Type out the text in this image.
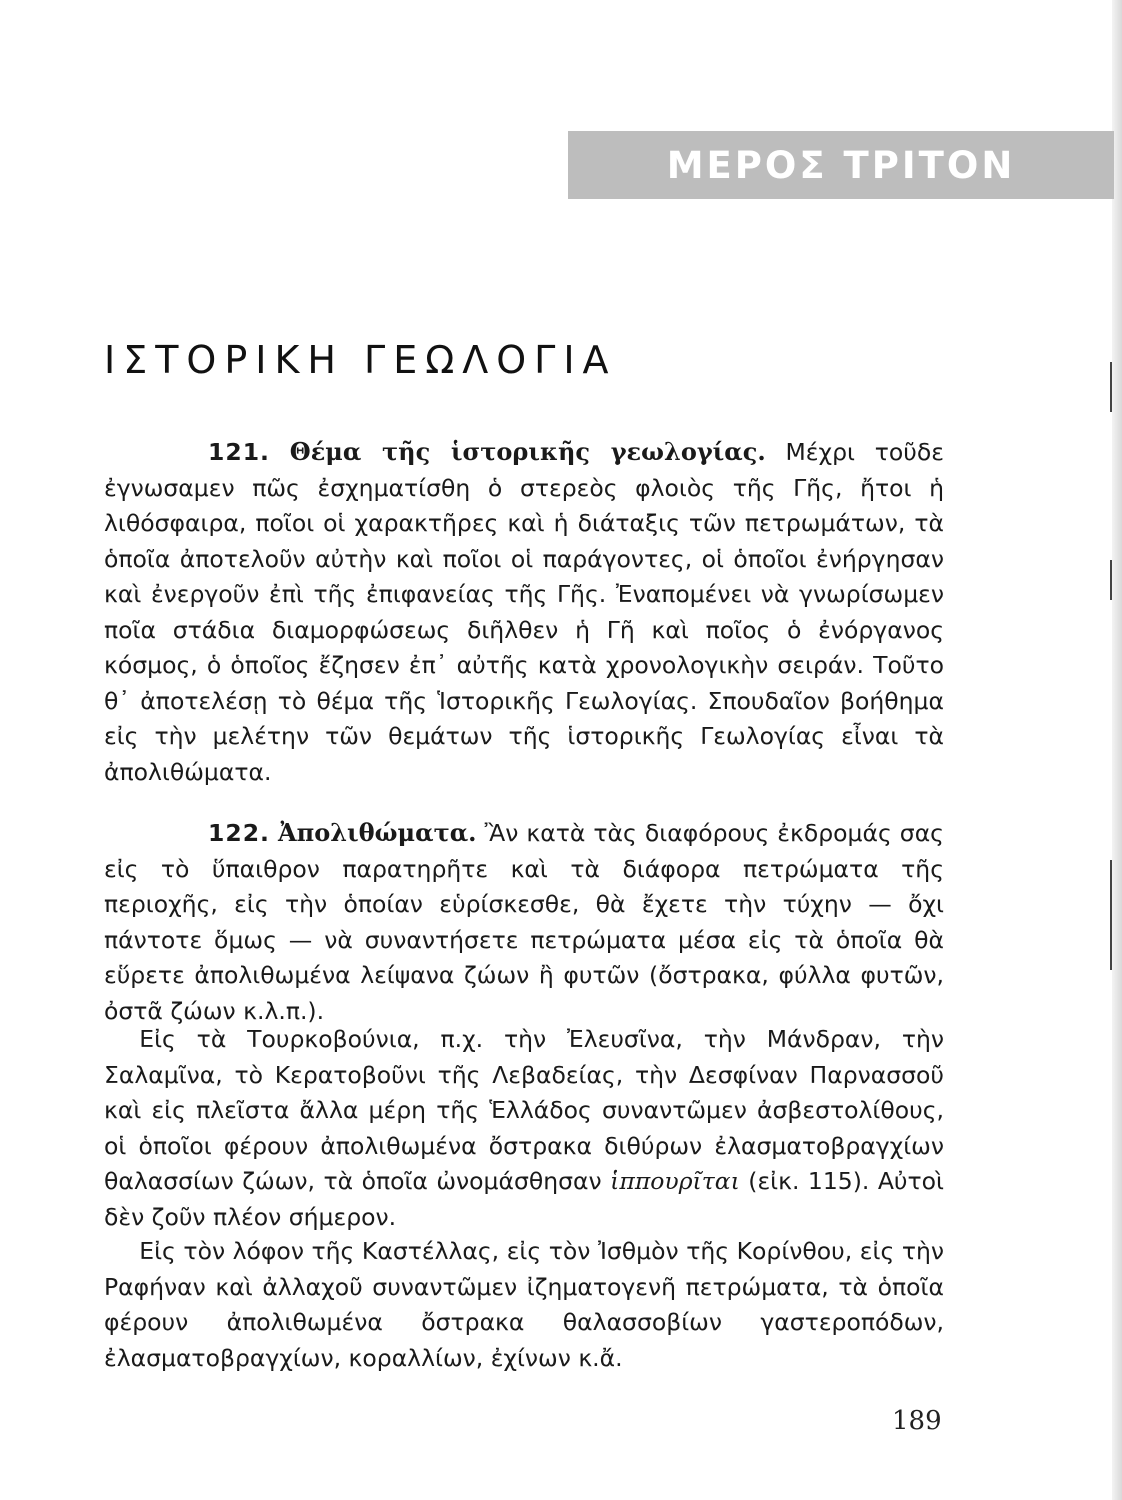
ΜΕΡΟΣ ΤΡΙΤΟΝ
ΙΣΤΟΡΙΚΗ ΓΕΩΛΟΓΙΑ
121. Θέμα τῆς ἱστορικῆς γεωλογίας. Μέχρι τοῦδε ἐγνωσαμεν πῶς ἐσχηματίσθη ὁ στερεὸς φλοιὸς τῆς Γῆς, ἤτοι ἡ λιθόσφαιρα, ποῖοι οἱ χαρακτῆρες καὶ ἡ διάταξις τῶν πετρωμάτων, τὰ ὁποῖα ἀποτελοῦν αὐτὴν καὶ ποῖοι οἱ παράγοντες, οἱ ὁποῖοι ἐνήργησαν καὶ ἐνεργοῦν ἐπὶ τῆς ἐπιφανείας τῆς Γῆς. Ἐναπομένει νὰ γνωρίσωμεν ποῖα στάδια διαμορφώσεως διῆλθεν ἡ Γῆ καὶ ποῖος ὁ ἐνόργανος κόσμος, ὁ ὁποῖος ἔζησεν ἐπ᾽ αὐτῆς κατὰ χρονολογικὴν σειράν. Τοῦτο θ᾽ ἀποτελέσῃ τὸ θέμα τῆς Ἱστορικῆς Γεωλογίας. Σπουδαῖον βοήθημα εἰς τὴν μελέτην τῶν θεμάτων τῆς ἱστορικῆς Γεωλογίας εἶναι τὰ ἀπολιθώματα.
122. Ἀπολιθώματα. Ἂν κατὰ τὰς διαφόρους ἐκδρομάς σας εἰς τὸ ὕπαιθρον παρατηρῆτε καὶ τὰ διάφορα πετρώματα τῆς περιοχῆς, εἰς τὴν ὁποίαν εὑρίσκεσθε, θὰ ἔχετε τὴν τύχην — ὄχι πάντοτε ὅμως — νὰ συναντήσετε πετρώματα μέσα εἰς τὰ ὁποῖα θὰ εὕρετε ἀπολιθωμένα λείψανα ζώων ἢ φυτῶν (ὄστρακα, φύλλα φυτῶν, ὀστᾶ ζώων κ.λ.π.).
  Εἰς τὰ Τουρκοβούνια, π.χ. τὴν Ἐλευσῖνα, τὴν Μάνδραν, τὴν Σαλαμῖνα, τὸ Κερατοβοῦνι τῆς Λεβαδείας, τὴν Δεσφίναν Παρνασσοῦ καὶ εἰς πλεῖστα ἄλλα μέρη τῆς Ἑλλάδος συναντῶμεν ἀσβεστολίθους, οἱ ὁποῖοι φέρουν ἀπολιθωμένα ὄστρακα διθύρων ἐλασματοβραγχίων θαλασσίων ζώων, τὰ ὁποῖα ὠνομάσθησαν ἱππουρῖται (εἰκ. 115). Αὐτοὶ δὲν ζοῦν πλέον σήμερον.
  Εἰς τὸν λόφον τῆς Καστέλλας, εἰς τὸν Ἰσθμὸν τῆς Κορίνθου, εἰς τὴν Ραφήναν καὶ ἀλλαχοῦ συναντῶμεν ἰζηματογενῆ πετρώματα, τὰ ὁποῖα φέρουν ἀπολιθωμένα ὄστρακα θαλασσοβίων γαστεροπόδων, ἐλασματοβραγχίων, κοραλλίων, ἐχίνων κ.ἄ.
189
